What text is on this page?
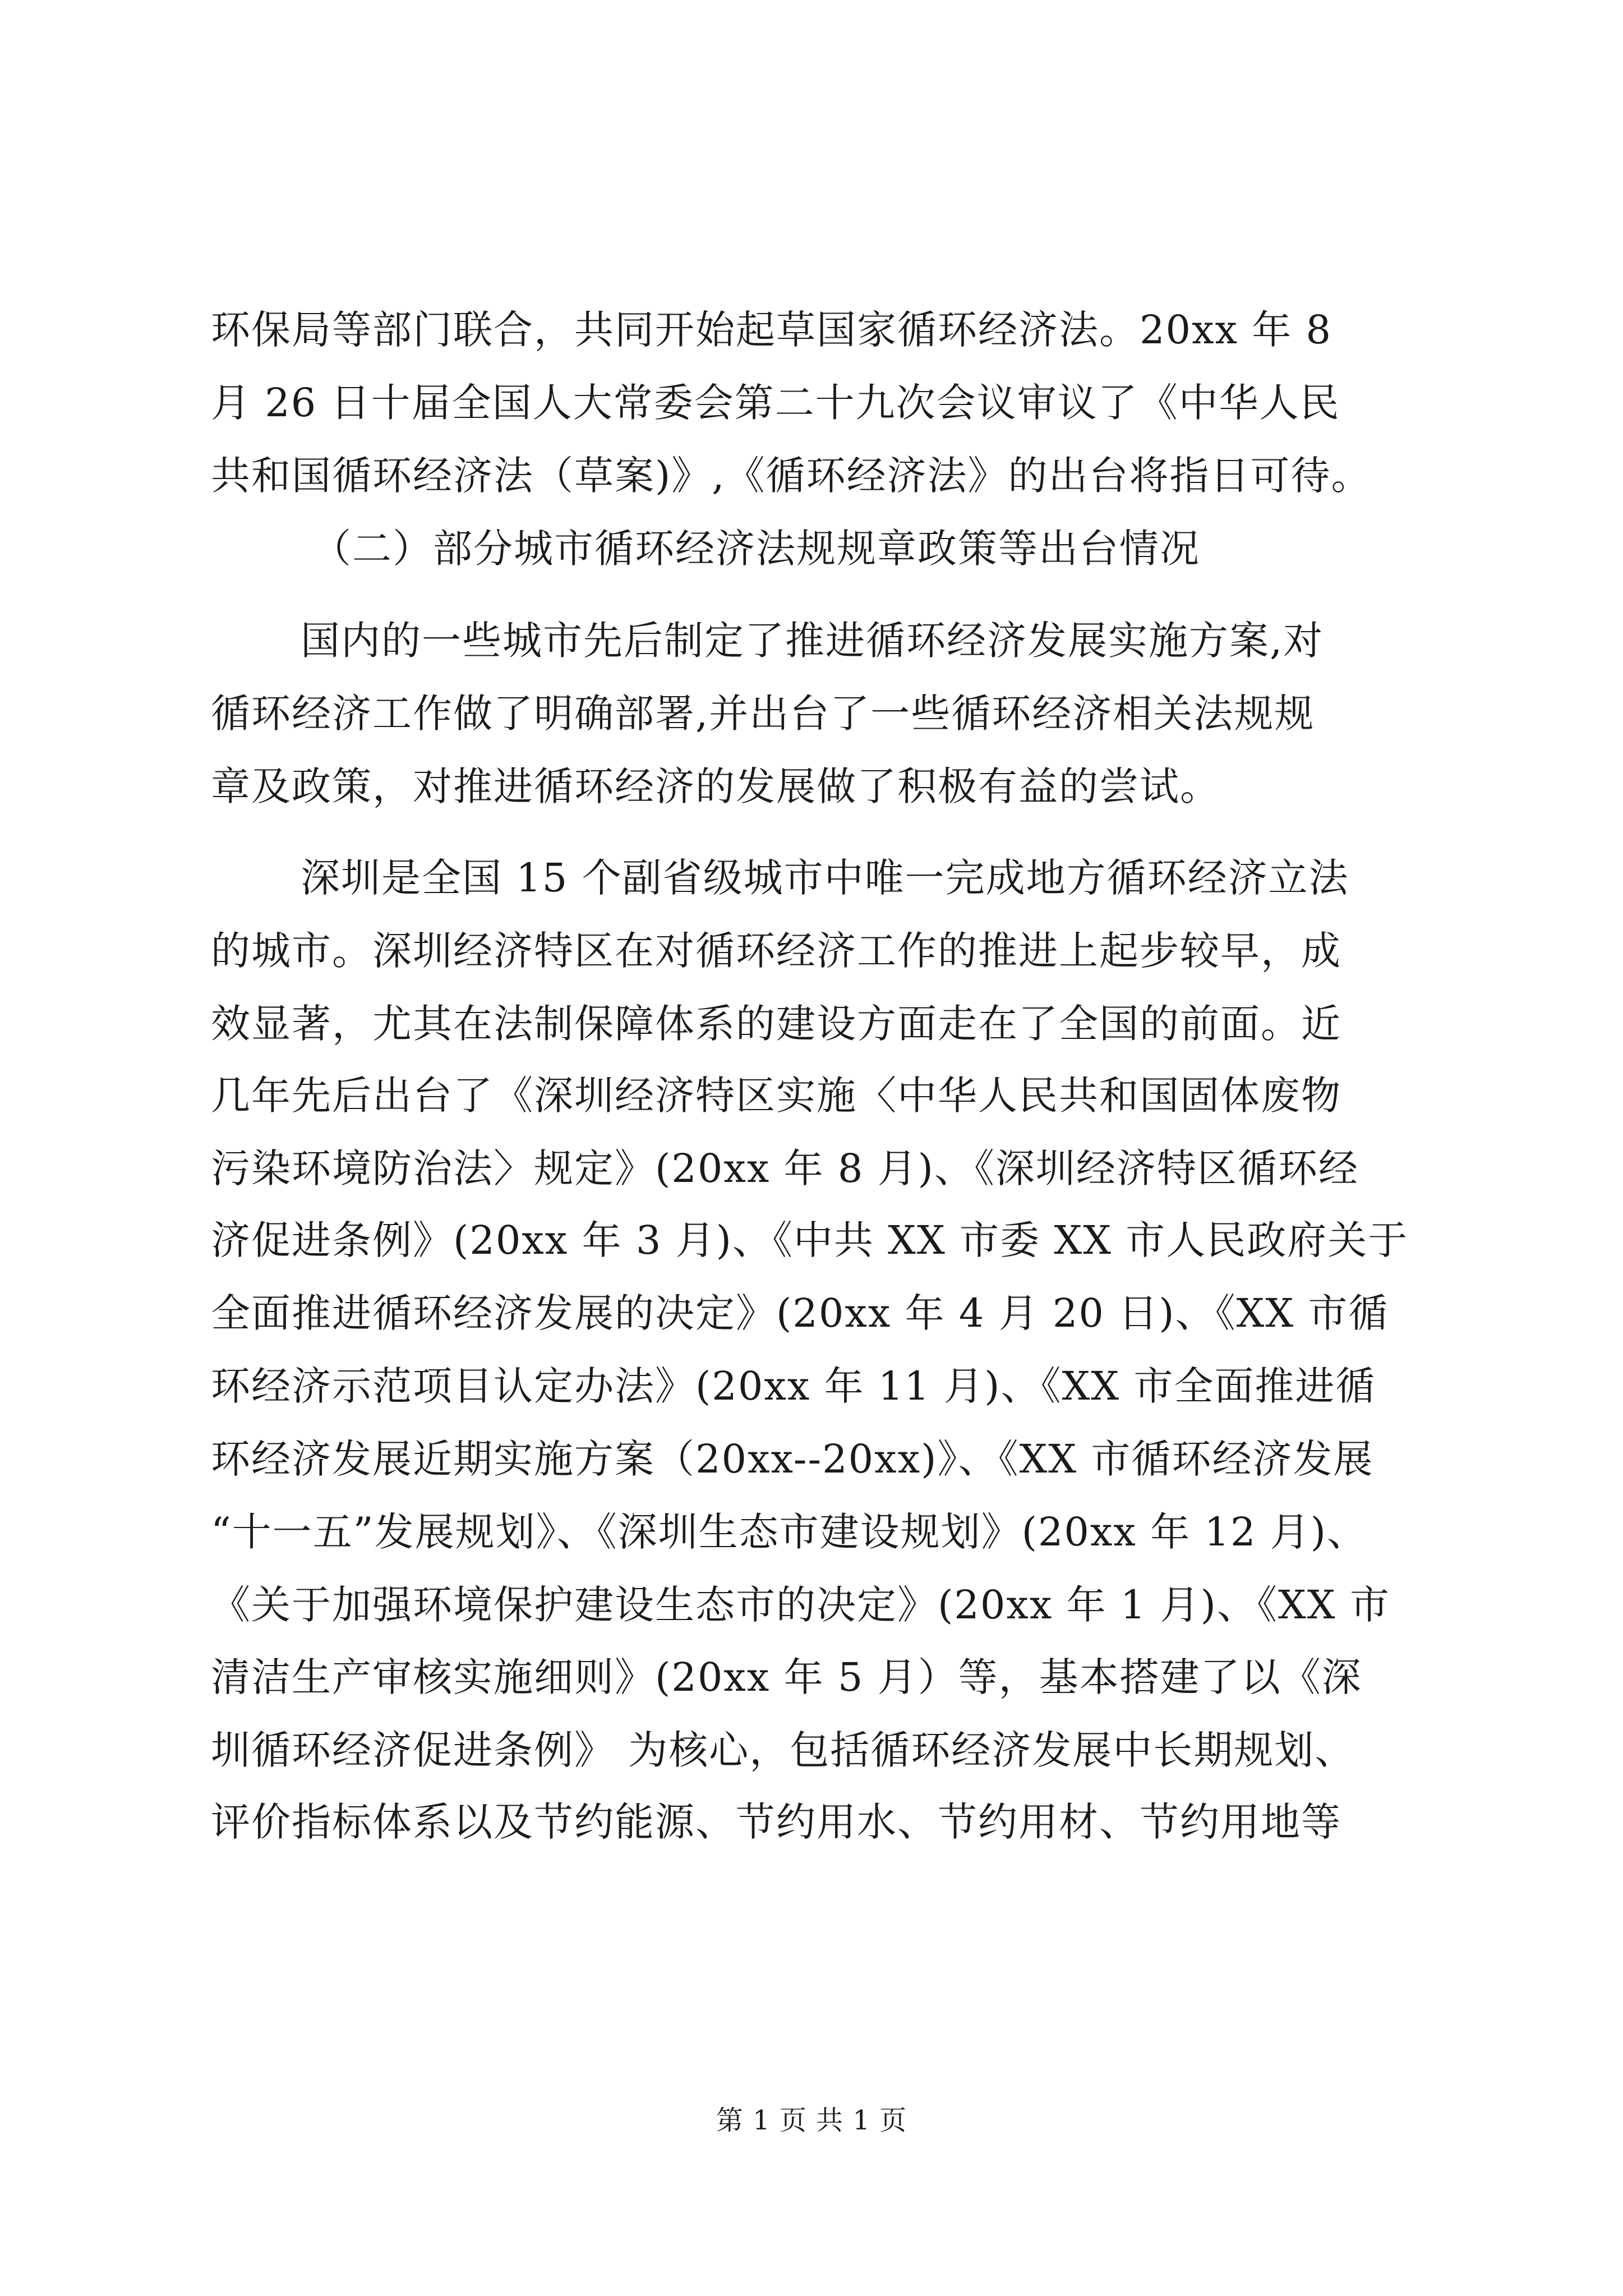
环保局等部门联合，共同开始起草国家循环经济法。20xx 年 8
月 26 日十届全国人大常委会第二十九次会议审议了《中华人民
共和国循环经济法（草案)》,《循环经济法》的出台将指日可待。
（二）部分城市循环经济法规规章政策等出台情况
国内的一些城市先后制定了推进循环经济发展实施方案,对
循环经济工作做了明确部署,并出台了一些循环经济相关法规规
章及政策，对推进循环经济的发展做了积极有益的尝试。
深圳是全国 15 个副省级城市中唯一完成地方循环经济立法
的城市。深圳经济特区在对循环经济工作的推进上起步较早，成
效显著，尤其在法制保障体系的建设方面走在了全国的前面。近
几年先后出台了《深圳经济特区实施〈中华人民共和国固体废物
污染环境防治法〉规定》(20xx 年 8 月)、《深圳经济特区循环经
济促进条例》(20xx 年 3 月)、《中共 XX 市委 XX 市人民政府关于
全面推进循环经济发展的决定》(20xx 年 4 月 20 日)、《XX 市循
环经济示范项目认定办法》(20xx 年 11 月)、《XX 市全面推进循
环经济发展近期实施方案（20xx--20xx)》、《XX 市循环经济发展
“十一五”发展规划》、《深圳生态市建设规划》(20xx 年 12 月)、
《关于加强环境保护建设生态市的决定》(20xx 年 1 月)、《XX 市
清洁生产审核实施细则》(20xx 年 5 月）等，基本搭建了以《深
圳循环经济促进条例》 为核心，包括循环经济发展中长期规划、
评价指标体系以及节约能源、节约用水、节约用材、节约用地等
第 1 页 共 1 页
